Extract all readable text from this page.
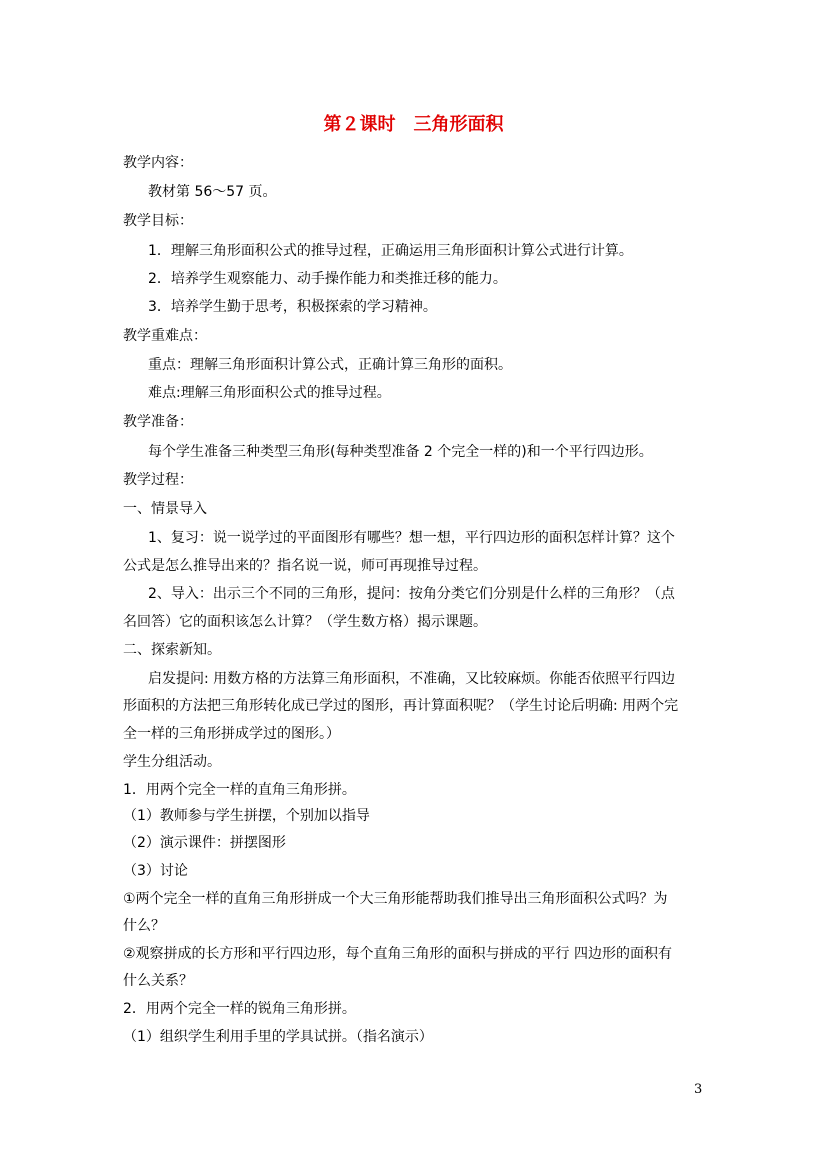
第２课时　三角形面积
教学内容：
教材第 56～57 页。
教学目标：
1．理解三角形面积公式的推导过程，正确运用三角形面积计算公式进行计算。
2．培养学生观察能力、动手操作能力和类推迁移的能力。
3．培养学生勤于思考，积极探索的学习精神。
教学重难点：
重点：理解三角形面积计算公式，正确计算三角形的面积。
难点:理解三角形面积公式的推导过程。
教学准备：
每个学生准备三种类型三角形(每种类型准备 2 个完全一样的)和一个平行四边形。
教学过程：
一、情景导入
1、复习：说一说学过的平面图形有哪些？想一想，平行四边形的面积怎样计算？这个
公式是怎么推导出来的？指名说一说，师可再现推导过程。
2、导入：出示三个不同的三角形，提问：按角分类它们分别是什么样的三角形？（点
名回答）它的面积该怎么计算？（学生数方格）揭示课题。
二、探索新知。
启发提问: 用数方格的方法算三角形面积，不准确，又比较麻烦。你能否依照平行四边
形面积的方法把三角形转化成已学过的图形，再计算面积呢？（学生讨论后明确: 用两个完
全一样的三角形拼成学过的图形。）
学生分组活动。
1．用两个完全一样的直角三角形拼。
（1）教师参与学生拼摆，个别加以指导
（2）演示课件：拼摆图形
（3）讨论
①两个完全一样的直角三角形拼成一个大三角形能帮助我们推导出三角形面积公式吗？为
什么？
②观察拼成的长方形和平行四边形，每个直角三角形的面积与拼成的平行 四边形的面积有
什么关系？
2．用两个完全一样的锐角三角形拼。
（1）组织学生利用手里的学具试拼。（指名演示）
3
